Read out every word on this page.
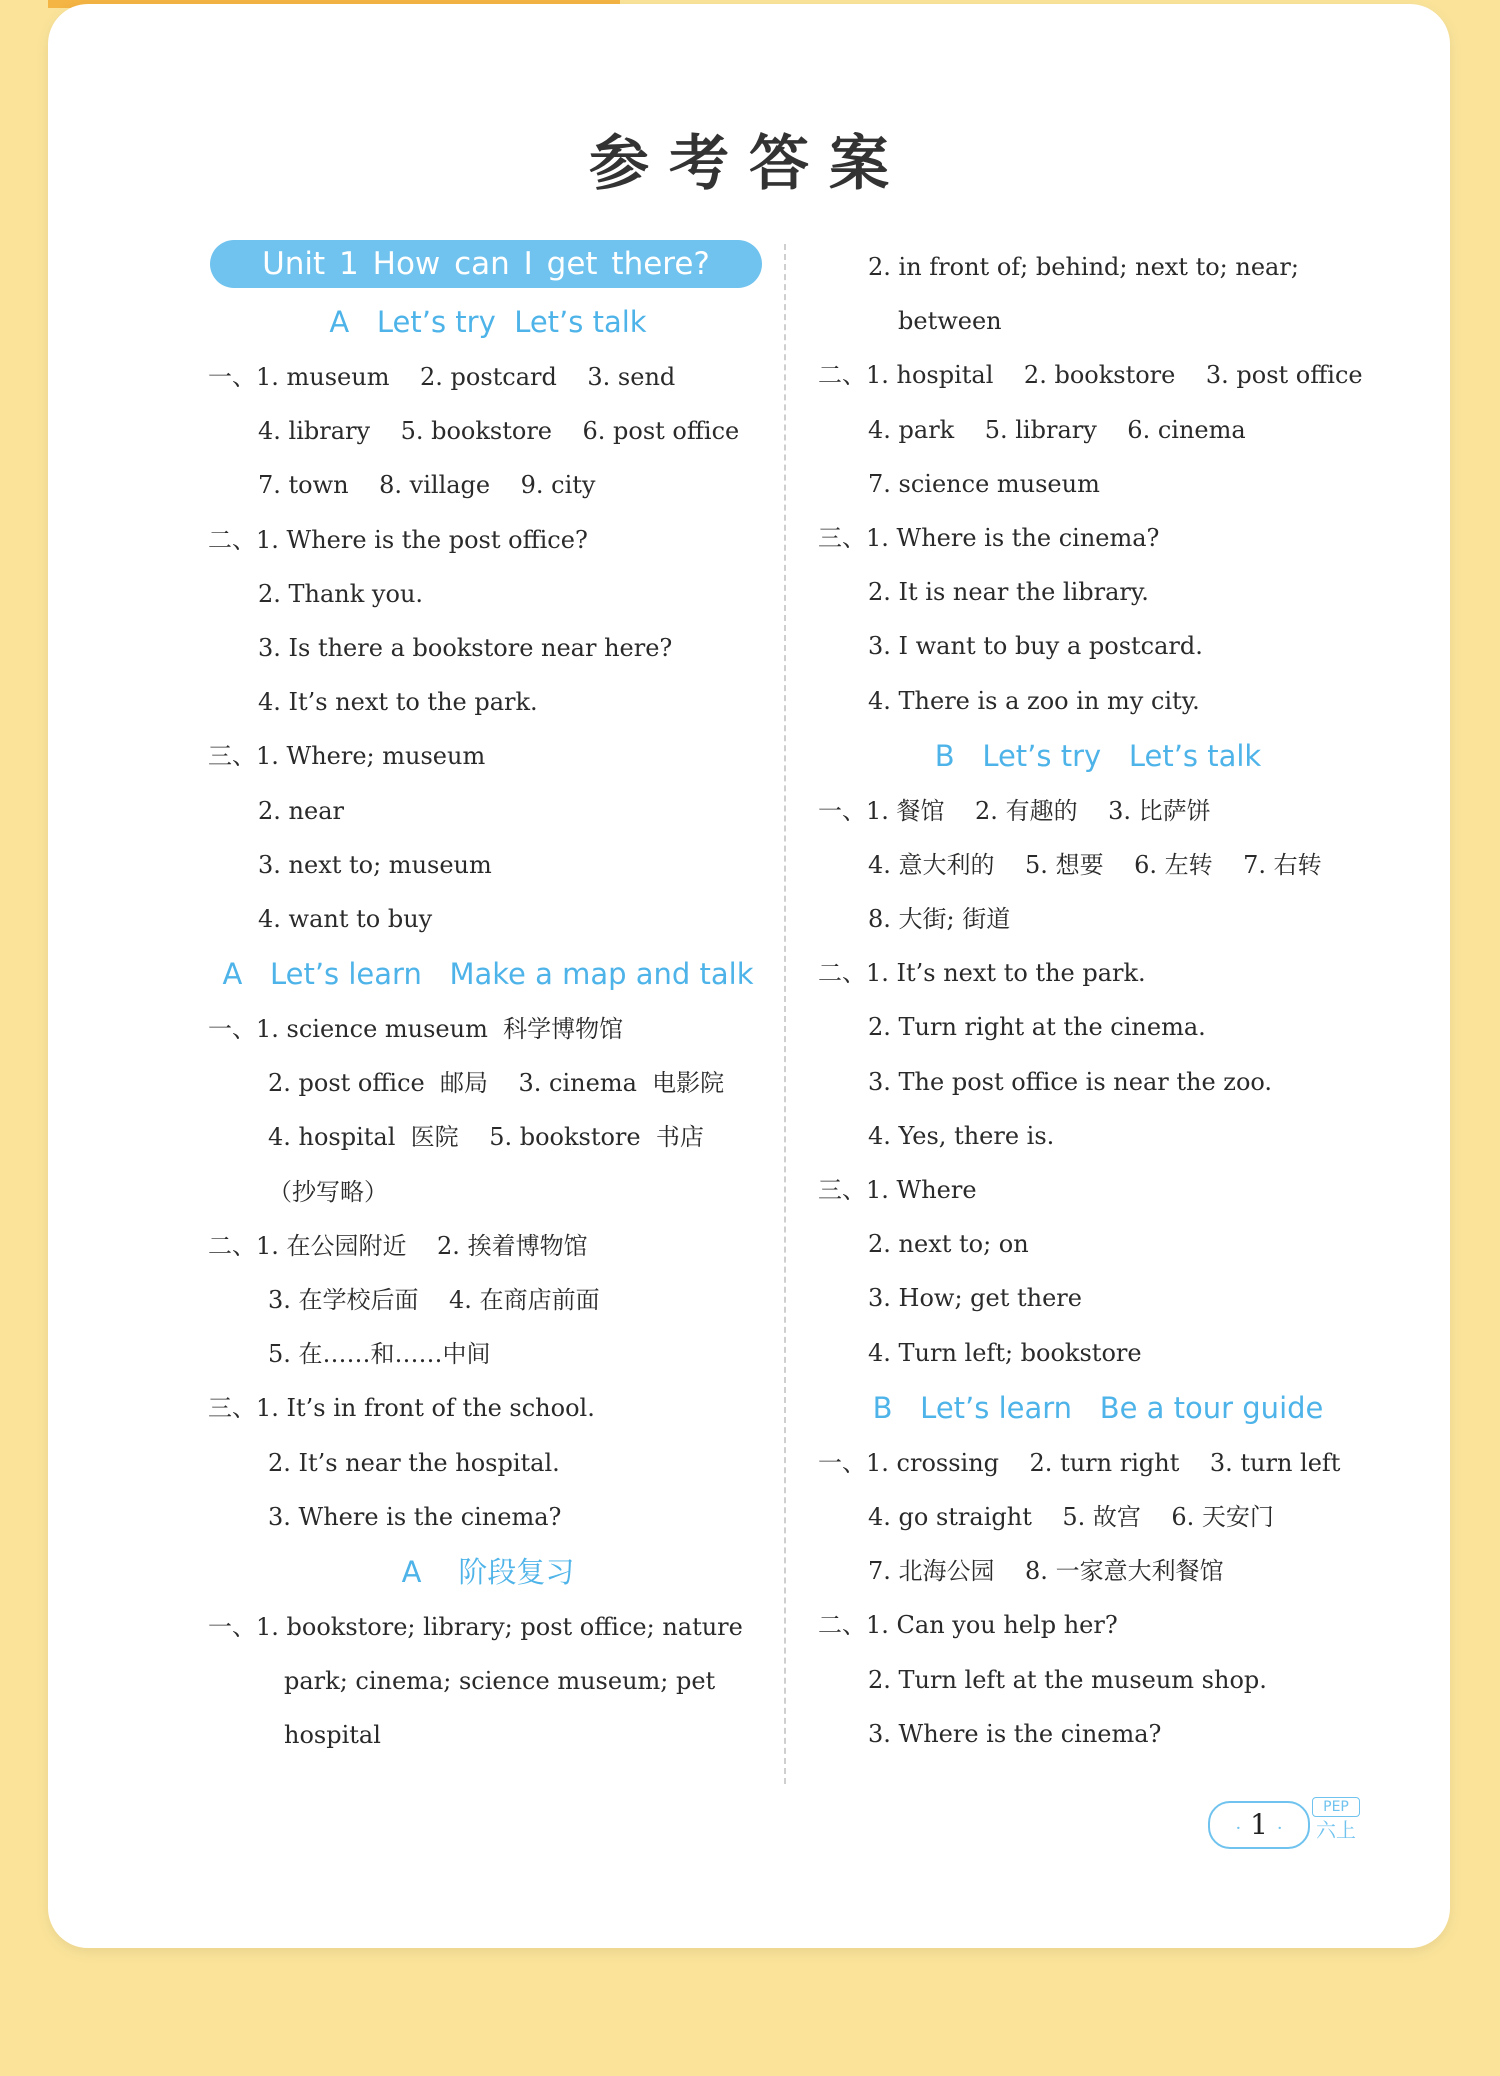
参考答案
Unit 1 How can I get there?
A   Let’s try  Let’s talk
一、1. museum    2. postcard    3. send
4. library    5. bookstore    6. post office
7. town    8. village    9. city
二、1. Where is the post office?
2. Thank you.
3. Is there a bookstore near here?
4. It’s next to the park.
三、1. Where; museum
2. near
3. next to; museum
4. want to buy
A   Let’s learn   Make a map and talk
一、1. science museum  科学博物馆
2. post office  邮局    3. cinema  电影院
4. hospital  医院    5. bookstore  书店
（抄写略）
二、1. 在公园附近    2. 挨着博物馆
3. 在学校后面    4. 在商店前面
5. 在……和……中间
三、1. It’s in front of the school.
2. It’s near the hospital.
3. Where is the cinema?
A    阶段复习
一、1. bookstore; library; post office; nature
park; cinema; science museum; pet
hospital
2. in front of; behind; next to; near;
between
二、1. hospital    2. bookstore    3. post office
4. park    5. library    6. cinema
7. science museum
三、1. Where is the cinema?
2. It is near the library.
3. I want to buy a postcard.
4. There is a zoo in my city.
B   Let’s try   Let’s talk
一、1. 餐馆    2. 有趣的    3. 比萨饼
4. 意大利的    5. 想要    6. 左转    7. 右转
8. 大街; 街道
二、1. It’s next to the park.
2. Turn right at the cinema.
3. The post office is near the zoo.
4. Yes, there is.
三、1. Where
2. next to; on
3. How; get there
4. Turn left; bookstore
B   Let’s learn   Be a tour guide
一、1. crossing    2. turn right    3. turn left
4. go straight    5. 故宫    6. 天安门
7. 北海公园    8. 一家意大利餐馆
二、1. Can you help her?
2. Turn left at the museum shop.
3. Where is the cinema?
· 1 ·
PEP
六上
